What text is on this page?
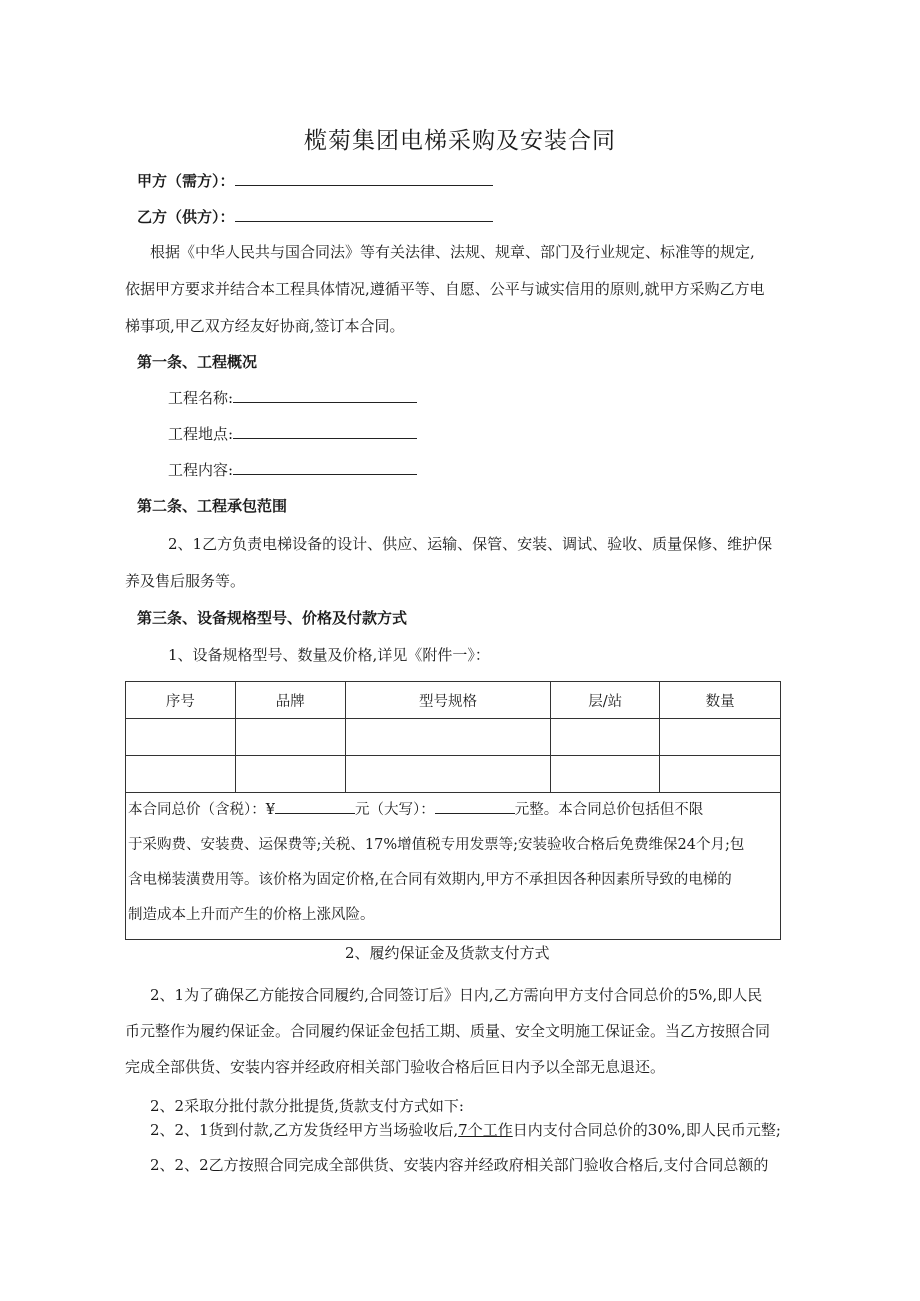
榄菊集团电梯采购及安装合同
甲方（需方）：
乙方（供方）：
根据《中华人民共与国合同法》等有关法律、法规、规章、部门及行业规定、标准等的规定,
依据甲方要求并结合本工程具体情况,遵循平等、自愿、公平与诚实信用的原则,就甲方采购乙方电
梯事项,甲乙双方经友好协商,签订本合同。
第一条、工程概况
工程名称:
工程地点:
工程内容:
第二条、工程承包范围
2、1乙方负责电梯设备的设计、供应、运输、保管、安装、调试、验收、质量保修、维护保
养及售后服务等。
第三条、设备规格型号、价格及付款方式
1、设备规格型号、数量及价格,详见《附件一》：
序号	品牌	型号规格	层/站	数量

本合同总价（含税）：¥	元（大写）：	元整。本合同总价包括但不限
于采购费、安装费、运保费等;关税、17%增值税专用发票等;安装验收合格后免费维保24个月;包
含电梯装潢费用等。该价格为固定价格,在合同有效期内,甲方不承担因各种因素所导致的电梯的
制造成本上升而产生的价格上涨风险。
2、履约保证金及货款支付方式
2、1为了确保乙方能按合同履约,合同签订后》日内,乙方需向甲方支付合同总价的5%,即人民
币元整作为履约保证金。合同履约保证金包括工期、质量、安全文明施工保证金。当乙方按照合同
完成全部供货、安装内容并经政府相关部门验收合格后叵日内予以全部无息退还。
2、2采取分批付款分批提货,货款支付方式如下:
2、2、1货到付款,乙方发货经甲方当场验收后,7个工作日内支付合同总价的30%,即人民币元整;
2、2、2乙方按照合同完成全部供货、安装内容并经政府相关部门验收合格后,支付合同总额的
